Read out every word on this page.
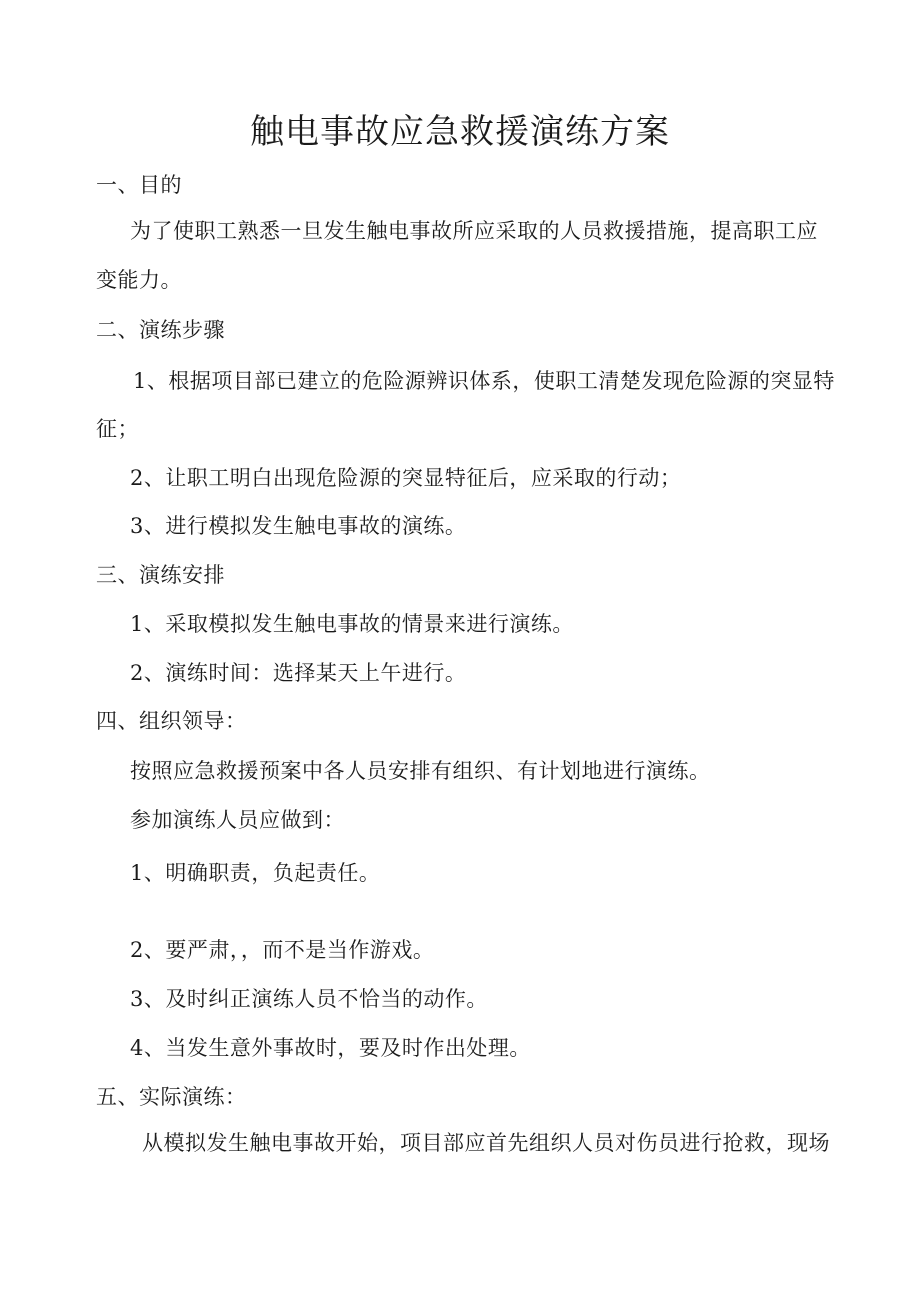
触电事故应急救援演练方案
一、目的
为了使职工熟悉一旦发生触电事故所应采取的人员救援措施，提高职工应
变能力。
二、演练步骤
1、根据项目部已建立的危险源辨识体系，使职工清楚发现危险源的突显特
征；
2、让职工明白出现危险源的突显特征后，应采取的行动；
3、进行模拟发生触电事故的演练。
三、演练安排
1、采取模拟发生触电事故的情景来进行演练。
2、演练时间：选择某天上午进行。
四、组织领导：
按照应急救援预案中各人员安排有组织、有计划地进行演练。
参加演练人员应做到：
1、明确职责，负起责任。
2、要严肃，，而不是当作游戏。
3、及时纠正演练人员不恰当的动作。
4、当发生意外事故时，要及时作出处理。
五、实际演练：
从模拟发生触电事故开始，项目部应首先组织人员对伤员进行抢救，现场
